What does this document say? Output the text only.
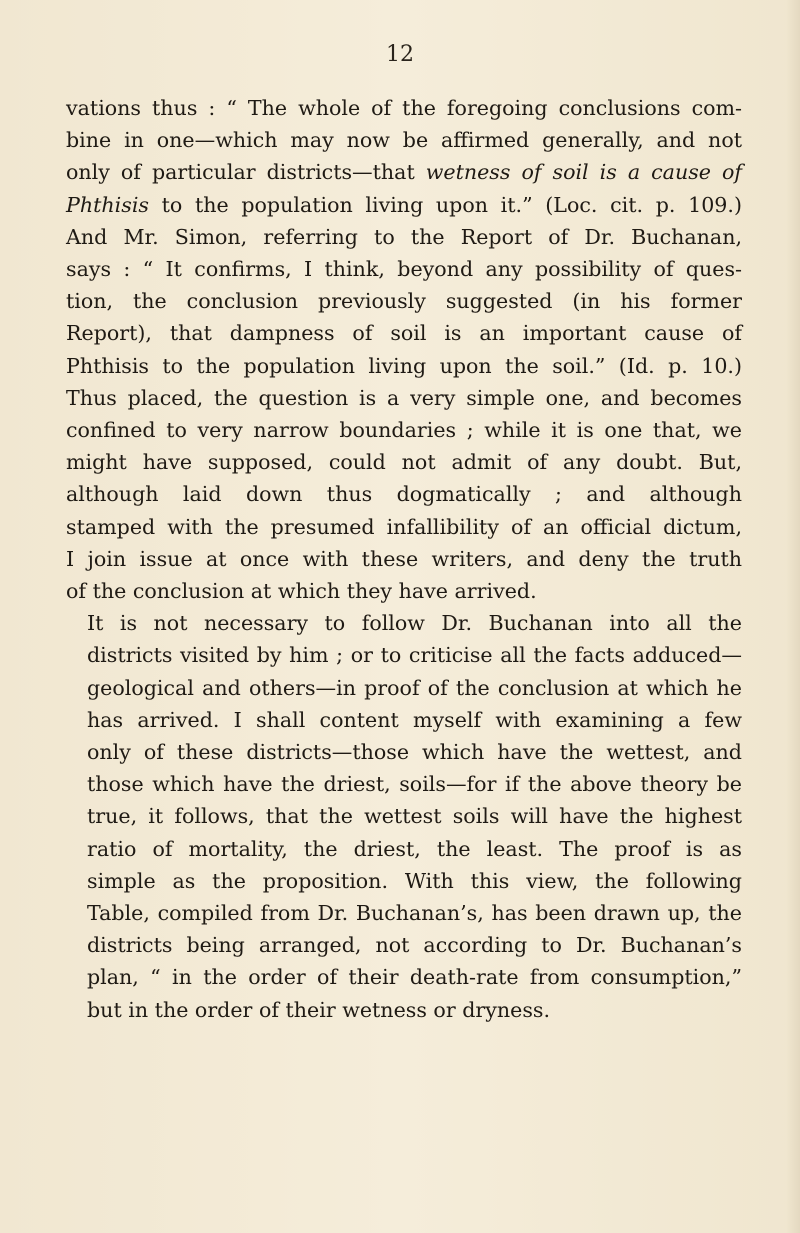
12
vations thus : “ The whole of the foregoing conclusions com-
bine in one—which may now be affirmed generally, and not
only of particular districts—that wetness of soil is a cause of
Phthisis to the population living upon it.” (Loc. cit. p. 109.)
And Mr. Simon, referring to the Report of Dr. Buchanan,
says : “ It confirms, I think, beyond any possibility of ques-
tion, the conclusion previously suggested (in his former
Report), that dampness of soil is an important cause of
Phthisis to the population living upon the soil.” (Id. p. 10.)
Thus placed, the question is a very simple one, and becomes
confined to very narrow boundaries ; while it is one that, we
might have supposed, could not admit of any doubt. But,
although laid down thus dogmatically ; and although
stamped with the presumed infallibility of an official dictum,
I join issue at once with these writers, and deny the truth
of the conclusion at which they have arrived.
It is not necessary to follow Dr. Buchanan into all the
districts visited by him ; or to criticise all the facts adduced—
geological and others—in proof of the conclusion at which he
has arrived. I shall content myself with examining a few
only of these districts—those which have the wettest, and
those which have the driest, soils—for if the above theory be
true, it follows, that the wettest soils will have the highest
ratio of mortality, the driest, the least. The proof is as
simple as the proposition. With this view, the following
Table, compiled from Dr. Buchanan’s, has been drawn up, the
districts being arranged, not according to Dr. Buchanan’s
plan, “ in the order of their death-rate from consumption,”
but in the order of their wetness or dryness.
